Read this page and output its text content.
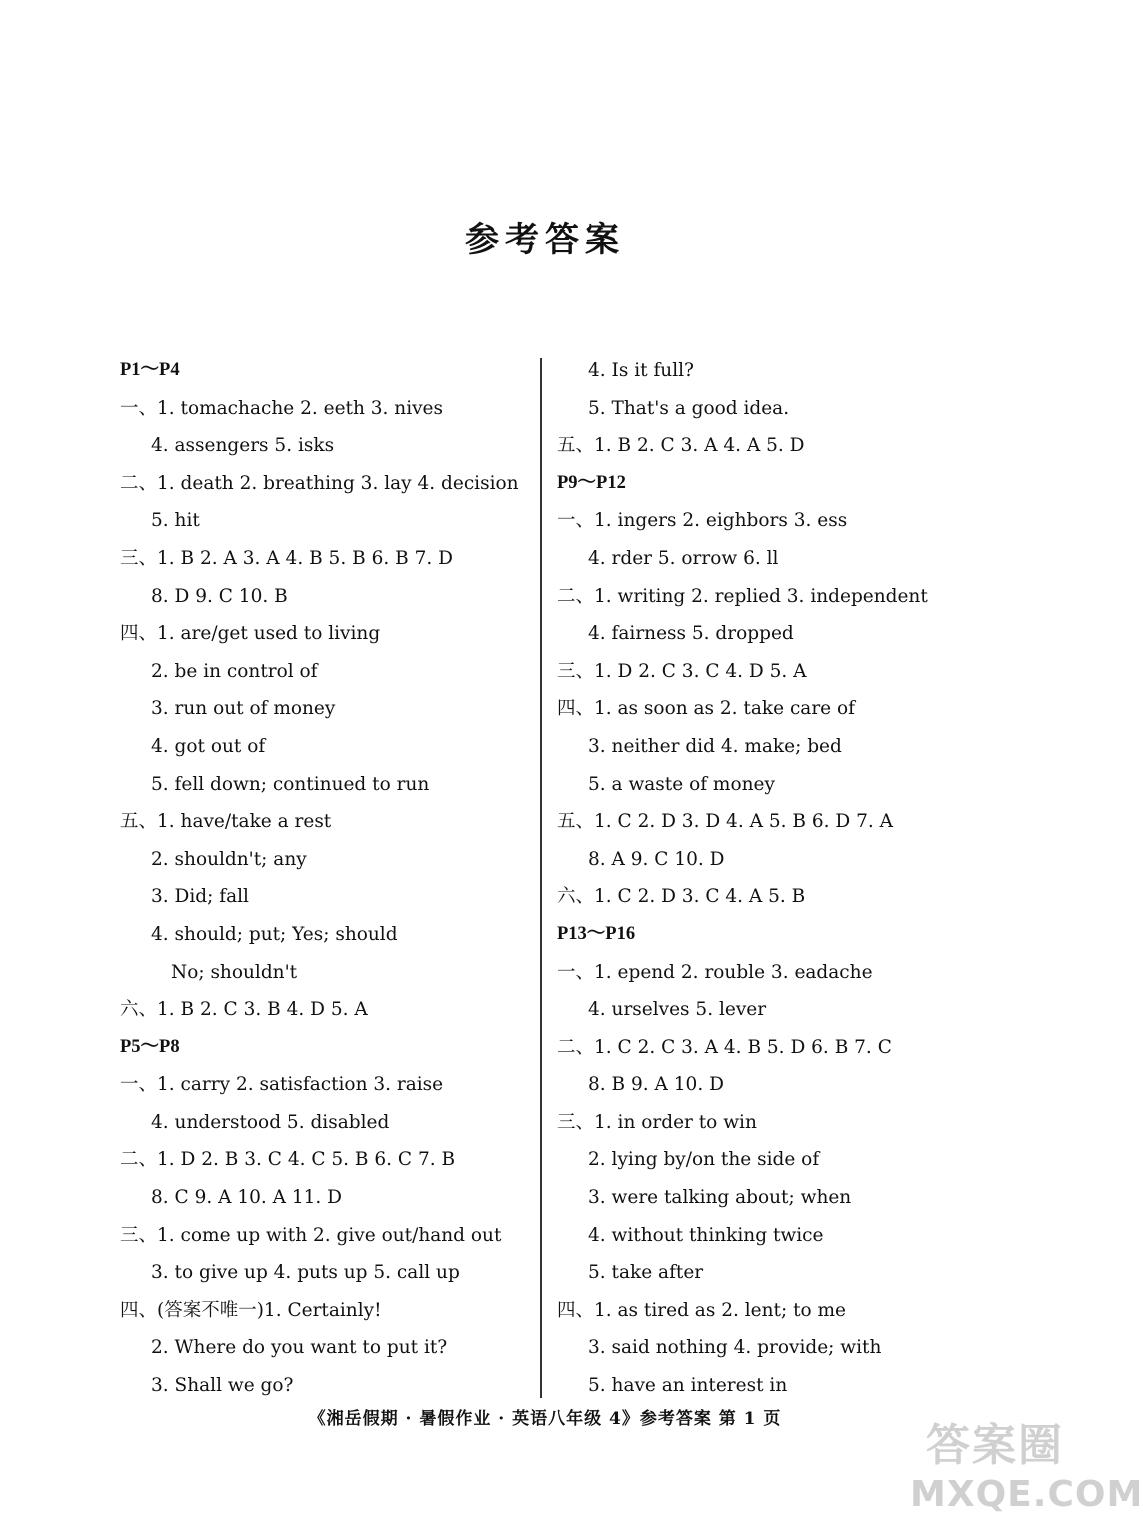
参考答案
P1～P4
一、1. tomachache 2. eeth 3. nives
4. assengers 5. isks
二、1. death 2. breathing 3. lay 4. decision
5. hit
三、1. B 2. A 3. A 4. B 5. B 6. B 7. D
8. D 9. C 10. B
四、1. are/get used to living
2. be in control of
3. run out of money
4. got out of
5. fell down; continued to run
五、1. have/take a rest
2. shouldn't; any
3. Did; fall
4. should; put; Yes; should
No; shouldn't
六、1. B 2. C 3. B 4. D 5. A
P5～P8
一、1. carry 2. satisfaction 3. raise
4. understood 5. disabled
二、1. D 2. B 3. C 4. C 5. B 6. C 7. B
8. C 9. A 10. A 11. D
三、1. come up with 2. give out/hand out
3. to give up 4. puts up 5. call up
四、(答案不唯一)1. Certainly!
2. Where do you want to put it?
3. Shall we go?
4. Is it full?
5. That's a good idea.
五、1. B 2. C 3. A 4. A 5. D
P9～P12
一、1. ingers 2. eighbors 3. ess
4. rder 5. orrow 6. ll
二、1. writing 2. replied 3. independent
4. fairness 5. dropped
三、1. D 2. C 3. C 4. D 5. A
四、1. as soon as 2. take care of
3. neither did 4. make; bed
5. a waste of money
五、1. C 2. D 3. D 4. A 5. B 6. D 7. A
8. A 9. C 10. D
六、1. C 2. D 3. C 4. A 5. B
P13～P16
一、1. epend 2. rouble 3. eadache
4. urselves 5. lever
二、1. C 2. C 3. A 4. B 5. D 6. B 7. C
8. B 9. A 10. D
三、1. in order to win
2. lying by/on the side of
3. were talking about; when
4. without thinking twice
5. take after
四、1. as tired as 2. lent; to me
3. said nothing 4. provide; with
5. have an interest in
《湘岳假期 · 暑假作业 · 英语八年级 4》参考答案 第 1 页
答案圈
MXQE.COM
